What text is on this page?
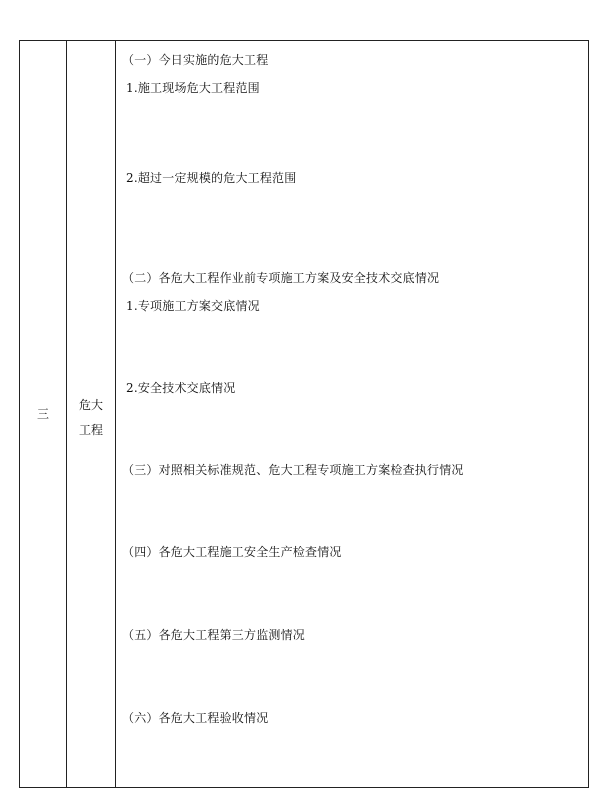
三
危大
工程
（一）今日实施的危大工程
1.施工现场危大工程范围
2.超过一定规模的危大工程范围
（二）各危大工程作业前专项施工方案及安全技术交底情况
1.专项施工方案交底情况
2.安全技术交底情况
（三）对照相关标准规范、危大工程专项施工方案检查执行情况
（四）各危大工程施工安全生产检查情况
（五）各危大工程第三方监测情况
（六）各危大工程验收情况
